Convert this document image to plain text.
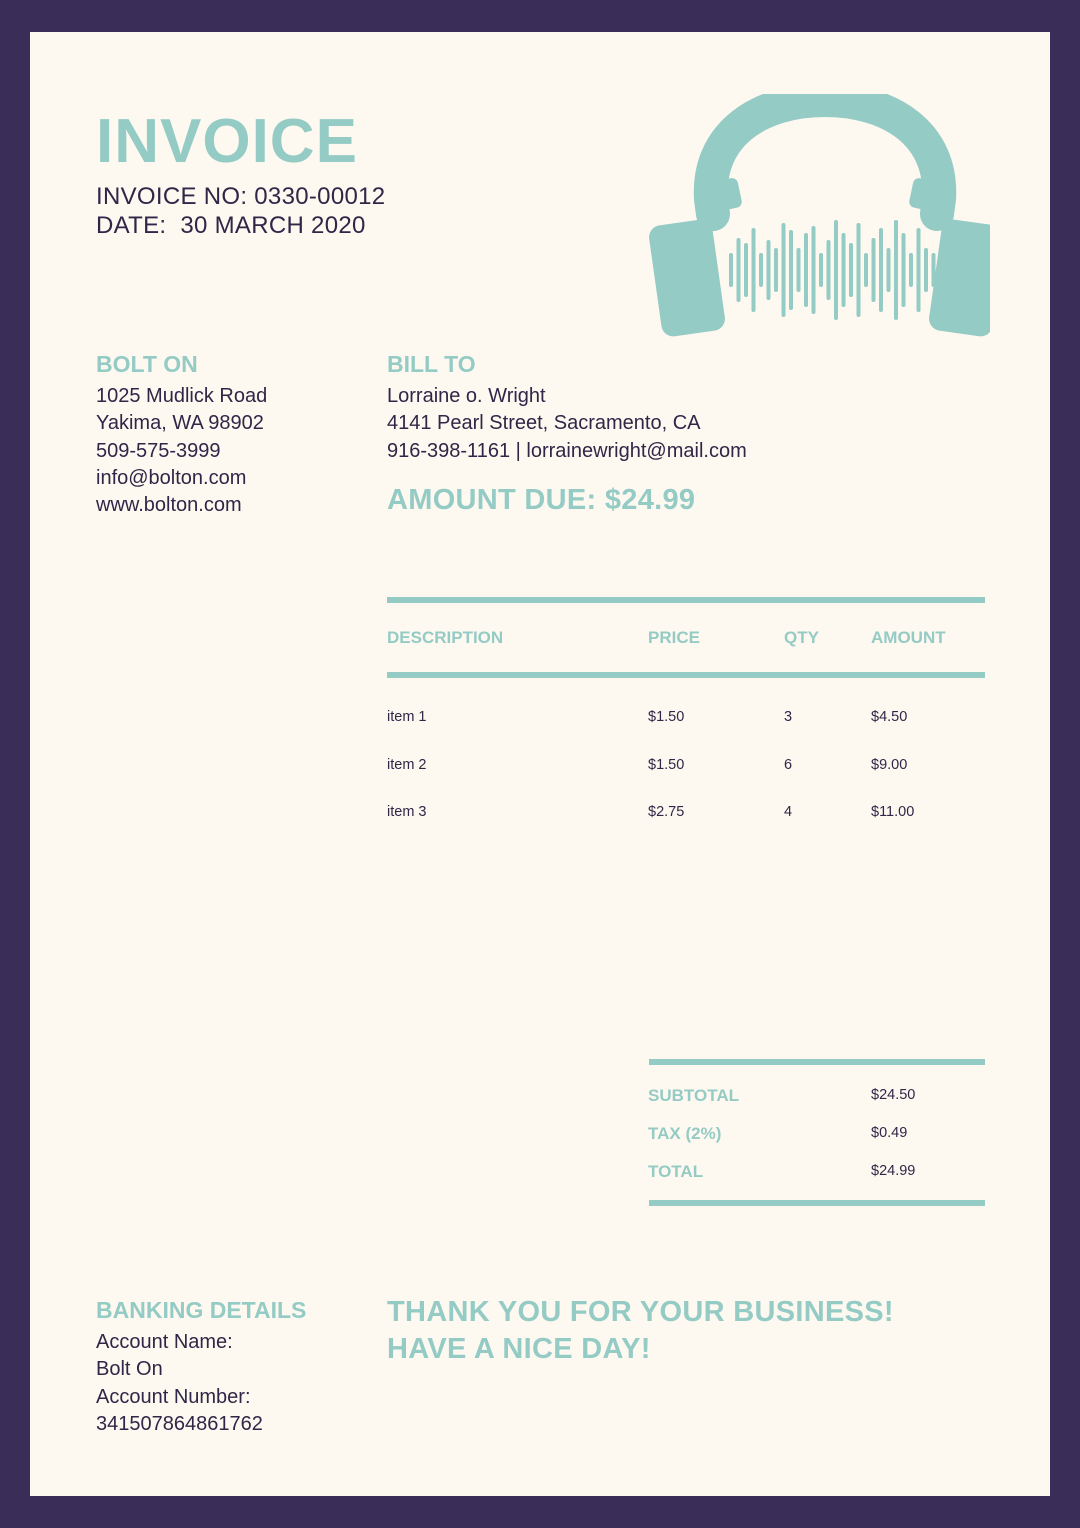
INVOICE
INVOICE NO: 0330-00012
DATE:  30 MARCH 2020
BOLT ON
1025 Mudlick Road
Yakima, WA 98902
509-575-3999
info@bolton.com
www.bolton.com
BILL TO
Lorraine o. Wright
4141 Pearl Street, Sacramento, CA
916-398-1161 | lorrainewright@mail.com
AMOUNT DUE: $24.99
DESCRIPTION	PRICE	QTY	AMOUNT
item 1	$1.50	3	$4.50
item 2	$1.50	6	$9.00
item 3	$2.75	4	$11.00
SUBTOTAL	$24.50
TAX (2%)	$0.49
TOTAL	$24.99
BANKING DETAILS
Account Name:
Bolt On
Account Number:
341507864861762
THANK YOU FOR YOUR BUSINESS!
HAVE A NICE DAY!
